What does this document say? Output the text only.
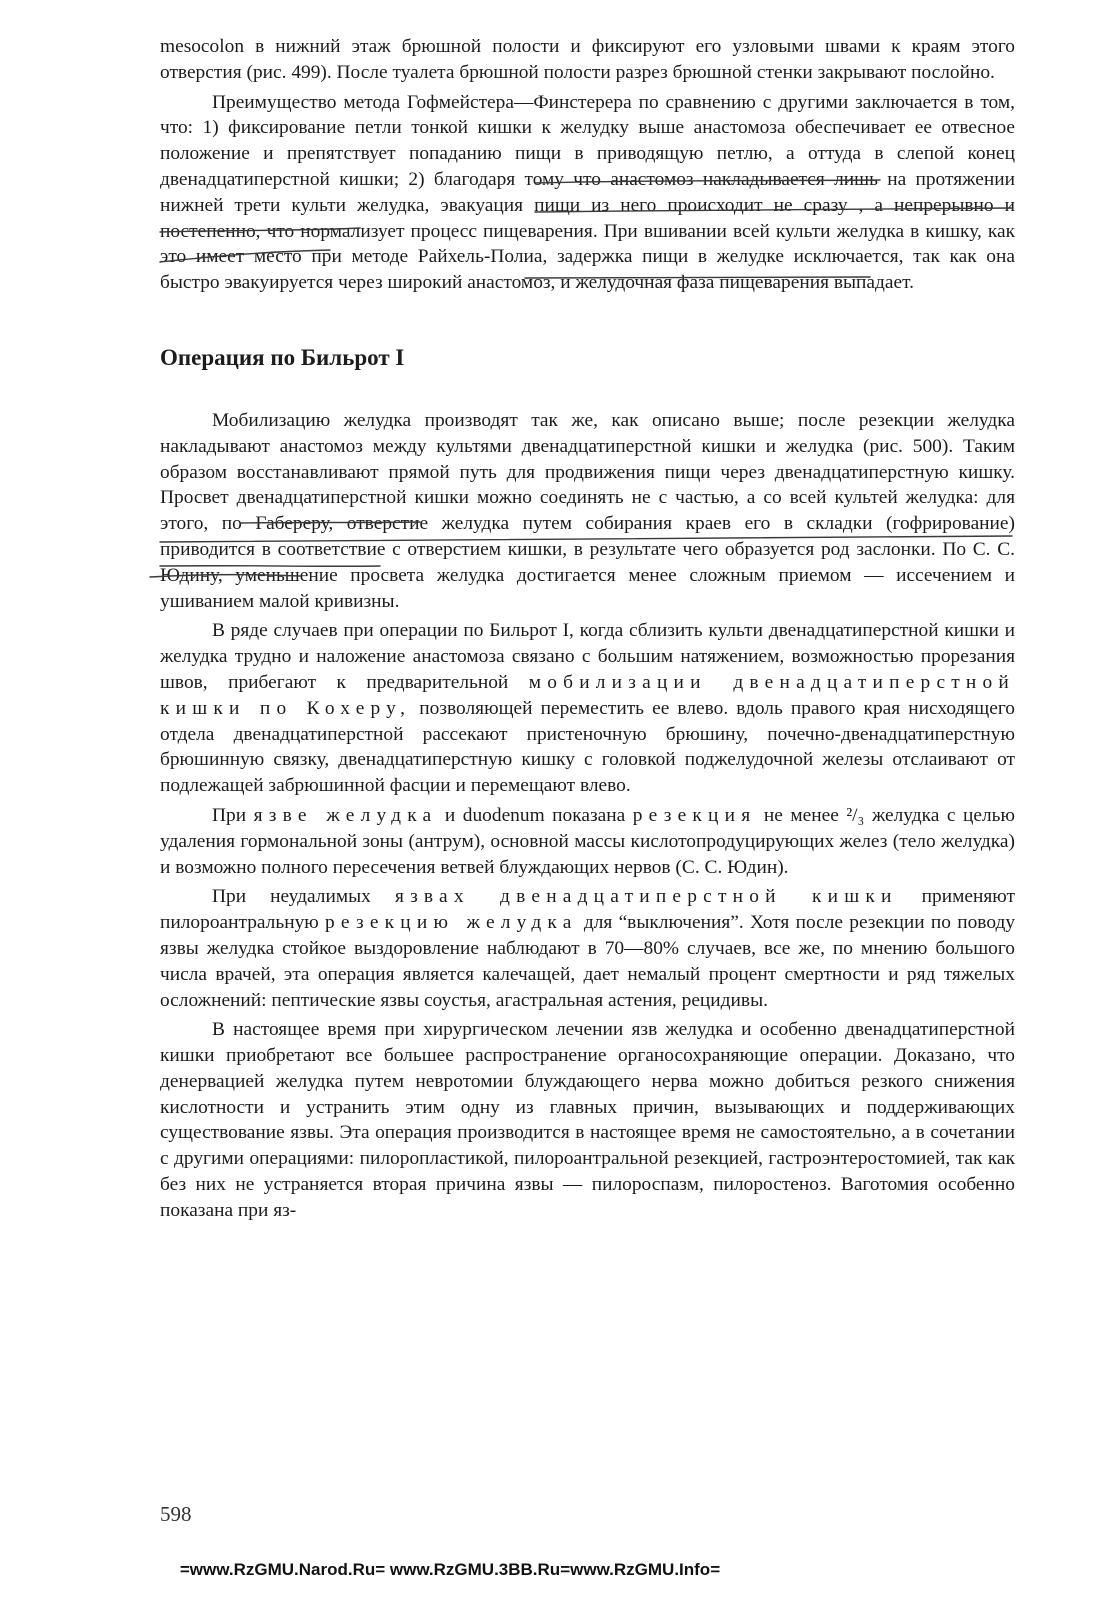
mesocolon в нижний этаж брюшной полости и фиксируют его узловыми швами к краям этого отверстия (рис. 499). После туалета брюшной полости разрез брюшной стенки закрывают послойно.

Преимущество метода Гофмейстера—Финстерера по сравнению с другими заключается в том, что: 1) фиксирование петли тонкой кишки к желудку выше анастомоза обеспечивает ее отвесное положение и препятствует попаданию пищи в приводящую петлю, а оттуда в слепой конец двенадцатиперстной кишки; 2) благодаря тому что анастомоз накладывается лишь на протяжении нижней трети культи желудка, эвакуация пищи из него происходит не сразу , а непрерывно и постепенно, что нормализует процесс пищеварения. При вшивании всей культи желудка в кишку, как это имеет место при методе Райхель-Полиа, задержка пищи в желудке исключается, так как она быстро эвакуируется через широкий анастомоз, и желудочная фаза пищеварения выпадает.

Операция по Бильрот I

Мобилизацию желудка производят так же, как описано выше; после резекции желудка накладывают анастомоз между культями двенадцатиперстной кишки и желудка (рис. 500). Таким образом восстанавливают прямой путь для продвижения пищи через двенадцатиперстную кишку. Просвет двенадцатиперстной кишки можно соединять не с частью, а со всей культей желудка: для этого, по Габереру, отверстие желудка путем собирания краев его в складки (гофрирование) приводится в соответствие с отверстием кишки, в результате чего образуется род заслонки. По С. С. Юдину, уменьшение просвета желудка достигается менее сложным приемом — иссечением и ушиванием малой кривизны.

В ряде случаев при операции по Бильрот I, когда сблизить культи двенадцатиперстной кишки и желудка трудно и наложение анастомоза связано с большим натяжением, возможностью прорезания швов, прибегают к предварительной мобилизации двенадцатиперстной кишки по Кохеру, позволяющей переместить ее влево. вдоль правого края нисходящего отдела двенадцатиперстной рассекают пристеночную брюшину, почечно-двенадцатиперстную брюшинную связку, двенадцатиперстную кишку с головкой поджелудочной железы отслаивают от подлежащей забрюшинной фасции и перемещают влево.

При язве желудка и duodenum показана резекция не менее ²/₃ желудка с целью удаления гормональной зоны (антрум), основной массы кислотопродуцирующих желез (тело желудка) и возможно полного пересечения ветвей блуждающих нервов (С. С. Юдин).

При неудалимых язвах двенадцатиперстной кишки применяют пилороантральную резекцию желудка для “выключения”. Хотя после резекции по поводу язвы желудка стойкое выздоровление наблюдают в 70—80% случаев, все же, по мнению большого числа врачей, эта операция является калечащей, дает немалый процент смертности и ряд тяжелых осложнений: пептические язвы соустья, агастральная астения, рецидивы.

В настоящее время при хирургическом лечении язв желудка и особенно двенадцатиперстной кишки приобретают все большее распространение органосохраняющие операции. Доказано, что денервацией желудка путем невротомии блуждающего нерва можно добиться резкого снижения кислотности и устранить этим одну из главных причин, вызывающих и поддерживающих существование язвы. Эта операция производится в настоящее время не самостоятельно, а в сочетании с другими операциями: пилоропластикой, пилороантральной резекцией, гастроэнтеростомией, так как без них не устраняется вторая причина язвы — пилороспазм, пилоростеноз. Ваготомия особенно показана при яз-

598
=www.RzGMU.Narod.Ru= www.RzGMU.3BB.Ru=www.RzGMU.Info=
